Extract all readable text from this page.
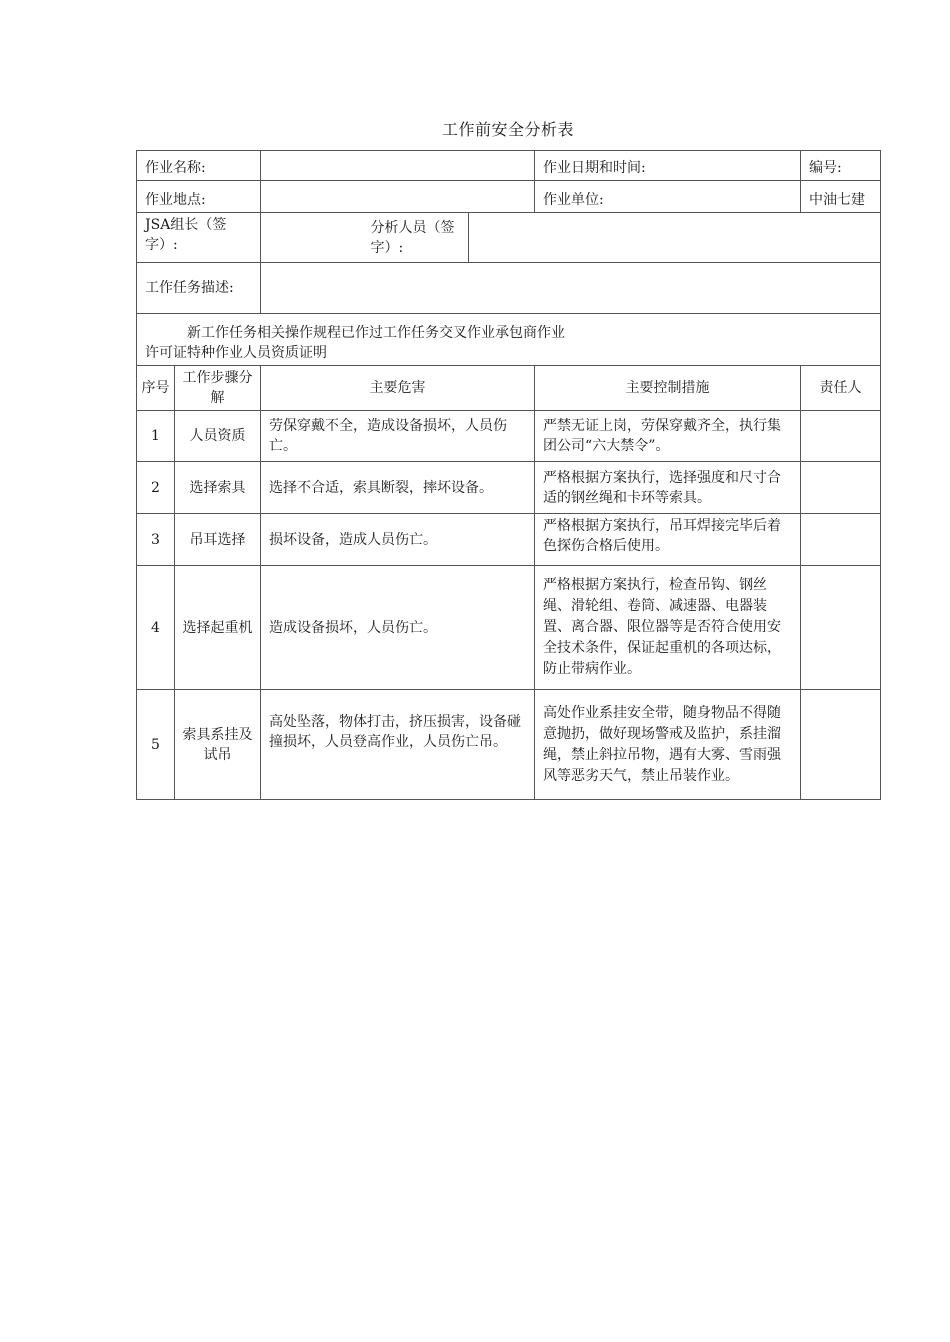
工作前安全分析表
作业名称:					作业日期和时间:	编号:
作业地点:					作业单位:	中油七建
JSA组长（签字）:			分析人员（签字）:			
工作任务描述:						

新工作任务相关操作规程已作过工作任务交叉作业承包商作业
许可证特种作业人员资质证明						

序号	工作步骤分解	主要危害			主要控制措施	责任人
1	人员资质	劳保穿戴不全，造成设备损坏，人员伤亡。			严禁无证上岗，劳保穿戴齐全，执行集团公司“六大禁令”。	
2	选择索具	选择不合适，索具断裂，摔坏设备。			严格根据方案执行，选择强度和尺寸合适的钢丝绳和卡环等索具。	
3	吊耳选择	损坏设备，造成人员伤亡。			严格根据方案执行，吊耳焊接完毕后着色探伤合格后使用。	
4	选择起重机	造成设备损坏，人员伤亡。			严格根据方案执行，检查吊钩、钢丝绳、滑轮组、卷筒、减速器、电器装置、离合器、限位器等是否符合使用安全技术条件，保证起重机的各项达标，防止带病作业。	
5	索具系挂及试吊	高处坠落，物体打击，挤压损害，设备碰撞损坏，人员登高作业，人员伤亡吊。			高处作业系挂安全带，随身物品不得随意抛扔，做好现场警戒及监护，系挂溜绳，禁止斜拉吊物，遇有大雾、雪雨强风等恶劣天气，禁止吊装作业。	
